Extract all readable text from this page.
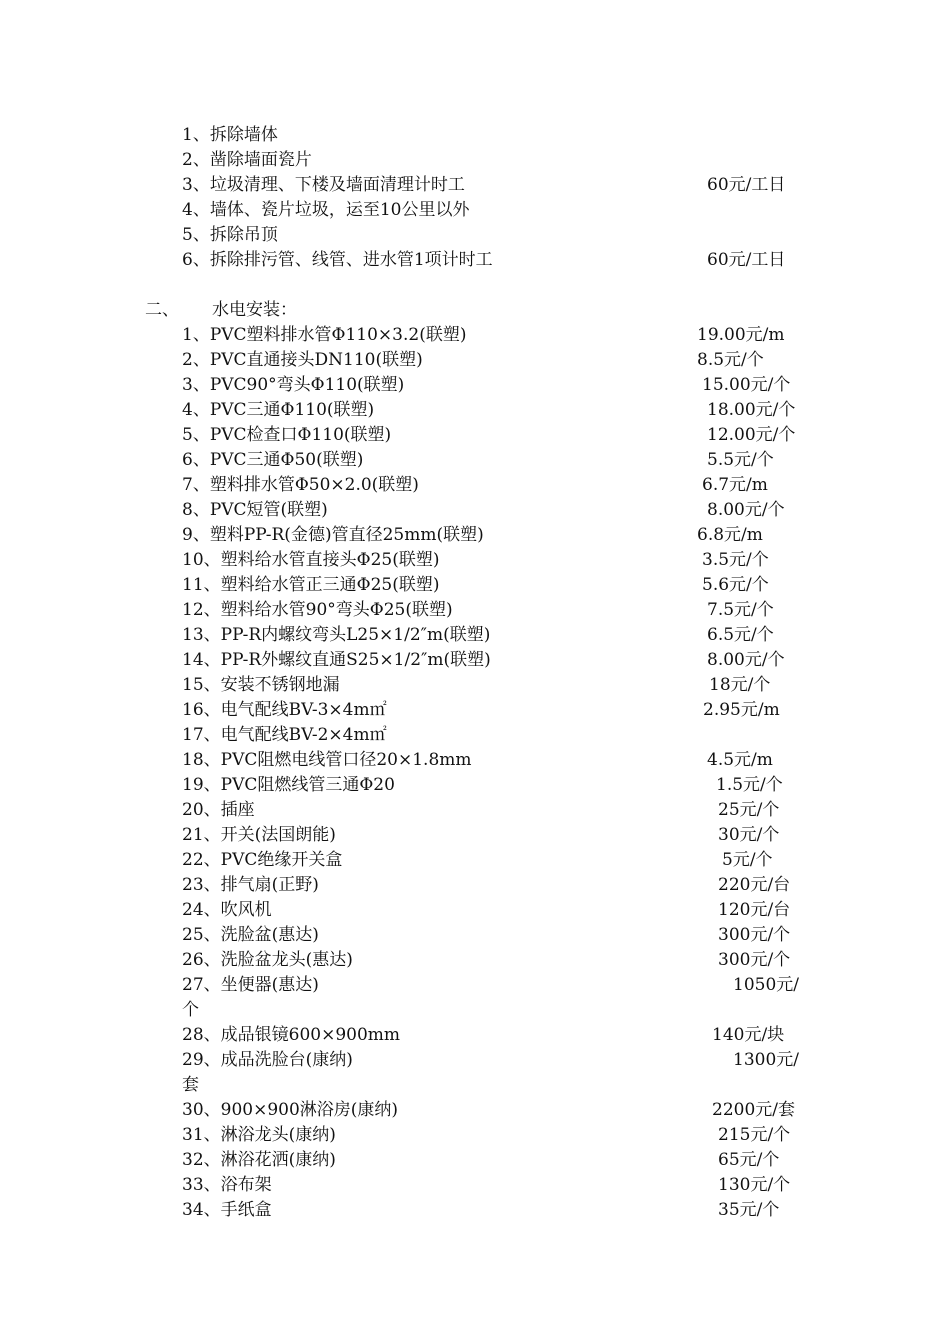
1、拆除墙体
2、凿除墙面瓷片
3、垃圾清理、下楼及墙面清理计时工	60元/工日
4、墙体、瓷片垃圾，运至10公里以外
5、拆除吊顶
6、拆除排污管、线管、进水管1项计时工	60元/工日
二、 水电安装：
1、PVC塑料排水管Φ110×3.2(联塑)	19.00元/m
2、PVC直通接头DN110(联塑)	8.5元/个
3、PVC90°弯头Φ110(联塑)	15.00元/个
4、PVC三通Φ110(联塑)	18.00元/个
5、PVC检查口Φ110(联塑)	12.00元/个
6、PVC三通Φ50(联塑)	5.5元/个
7、塑料排水管Φ50×2.0(联塑)	6.7元/m
8、PVC短管(联塑)	8.00元/个
9、塑料PP-R(金德)管直径25mm(联塑)	6.8元/m
10、塑料给水管直接头Φ25(联塑)	3.5元/个
11、塑料给水管正三通Φ25(联塑)	5.6元/个
12、塑料给水管90°弯头Φ25(联塑)	7.5元/个
13、PP-R内螺纹弯头L25×1/2″m(联塑)	6.5元/个
14、PP-R外螺纹直通S25×1/2″m(联塑)	8.00元/个
15、安装不锈钢地漏	18元/个
16、电气配线BV-3×4m㎡	2.95元/m
17、电气配线BV-2×4m㎡
18、PVC阻燃电线管口径20×1.8mm	4.5元/m
19、PVC阻燃线管三通Φ20	1.5元/个
20、插座	25元/个
21、开关(法国朗能)	30元/个
22、PVC绝缘开关盒	5元/个
23、排气扇(正野)	220元/台
24、吹风机	120元/台
25、洗脸盆(惠达)	300元/个
26、洗脸盆龙头(惠达)	300元/个
27、坐便器(惠达)	1050元/
个
28、成品银镜600×900mm	140元/块
29、成品洗脸台(康纳)	1300元/
套
30、900×900淋浴房(康纳)	2200元/套
31、淋浴龙头(康纳)	215元/个
32、淋浴花洒(康纳)	65元/个
33、浴布架	130元/个
34、手纸盒	35元/个
